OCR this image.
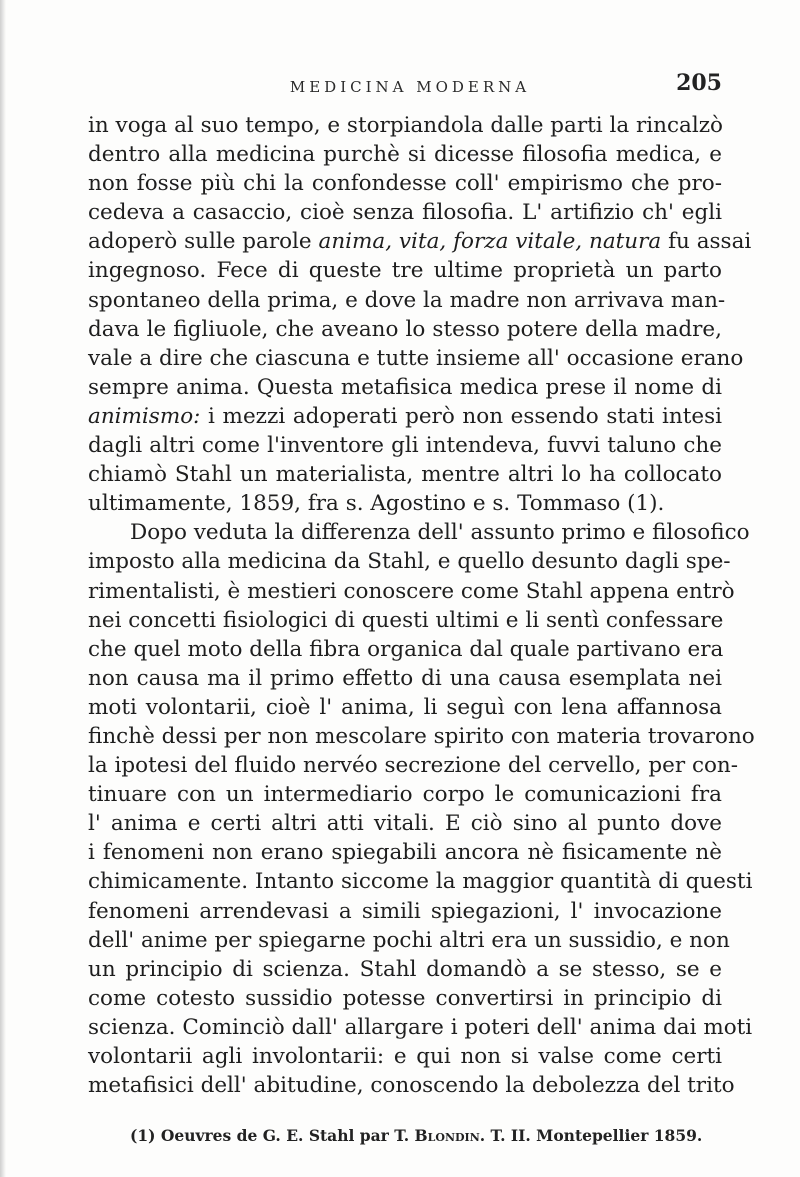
MEDICINA MODERNA	205
in voga al suo tempo, e storpiandola dalle parti la rincalzò
dentro alla medicina purchè si dicesse filosofia medica, e
non fosse più chi la confondesse coll' empirismo che pro-
cedeva a casaccio, cioè senza filosofia. L' artifizio ch' egli
adoperò sulle parole anima, vita, forza vitale, natura fu assai
ingegnoso. Fece di queste tre ultime proprietà un parto
spontaneo della prima, e dove la madre non arrivava man-
dava le figliuole, che aveano lo stesso potere della madre,
vale a dire che ciascuna e tutte insieme all' occasione erano
sempre anima. Questa metafisica medica prese il nome di
animismo: i mezzi adoperati però non essendo stati intesi
dagli altri come l'inventore gli intendeva, fuvvi taluno che
chiamò Stahl un materialista, mentre altri lo ha collocato
ultimamente, 1859, fra s. Agostino e s. Tommaso (1).
Dopo veduta la differenza dell' assunto primo e filosofico
imposto alla medicina da Stahl, e quello desunto dagli spe-
rimentalisti, è mestieri conoscere come Stahl appena entrò
nei concetti fisiologici di questi ultimi e li sentì confessare
che quel moto della fibra organica dal quale partivano era
non causa ma il primo effetto di una causa esemplata nei
moti volontarii, cioè l' anima, li seguì con lena affannosa
finchè dessi per non mescolare spirito con materia trovarono
la ipotesi del fluido nervéo secrezione del cervello, per con-
tinuare con un intermediario corpo le comunicazioni fra
l' anima e certi altri atti vitali. E ciò sino al punto dove
i fenomeni non erano spiegabili ancora nè fisicamente nè
chimicamente. Intanto siccome la maggior quantità di questi
fenomeni arrendevasi a simili spiegazioni, l' invocazione
dell' anime per spiegarne pochi altri era un sussidio, e non
un principio di scienza. Stahl domandò a se stesso, se e
come cotesto sussidio potesse convertirsi in principio di
scienza. Cominciò dall' allargare i poteri dell' anima dai moti
volontarii agli involontarii: e qui non si valse come certi
metafisici dell' abitudine, conoscendo la debolezza del trito
(1) Oeuvres de G. E. Stahl par T. Blondin. T. II. Montepellier 1859.
